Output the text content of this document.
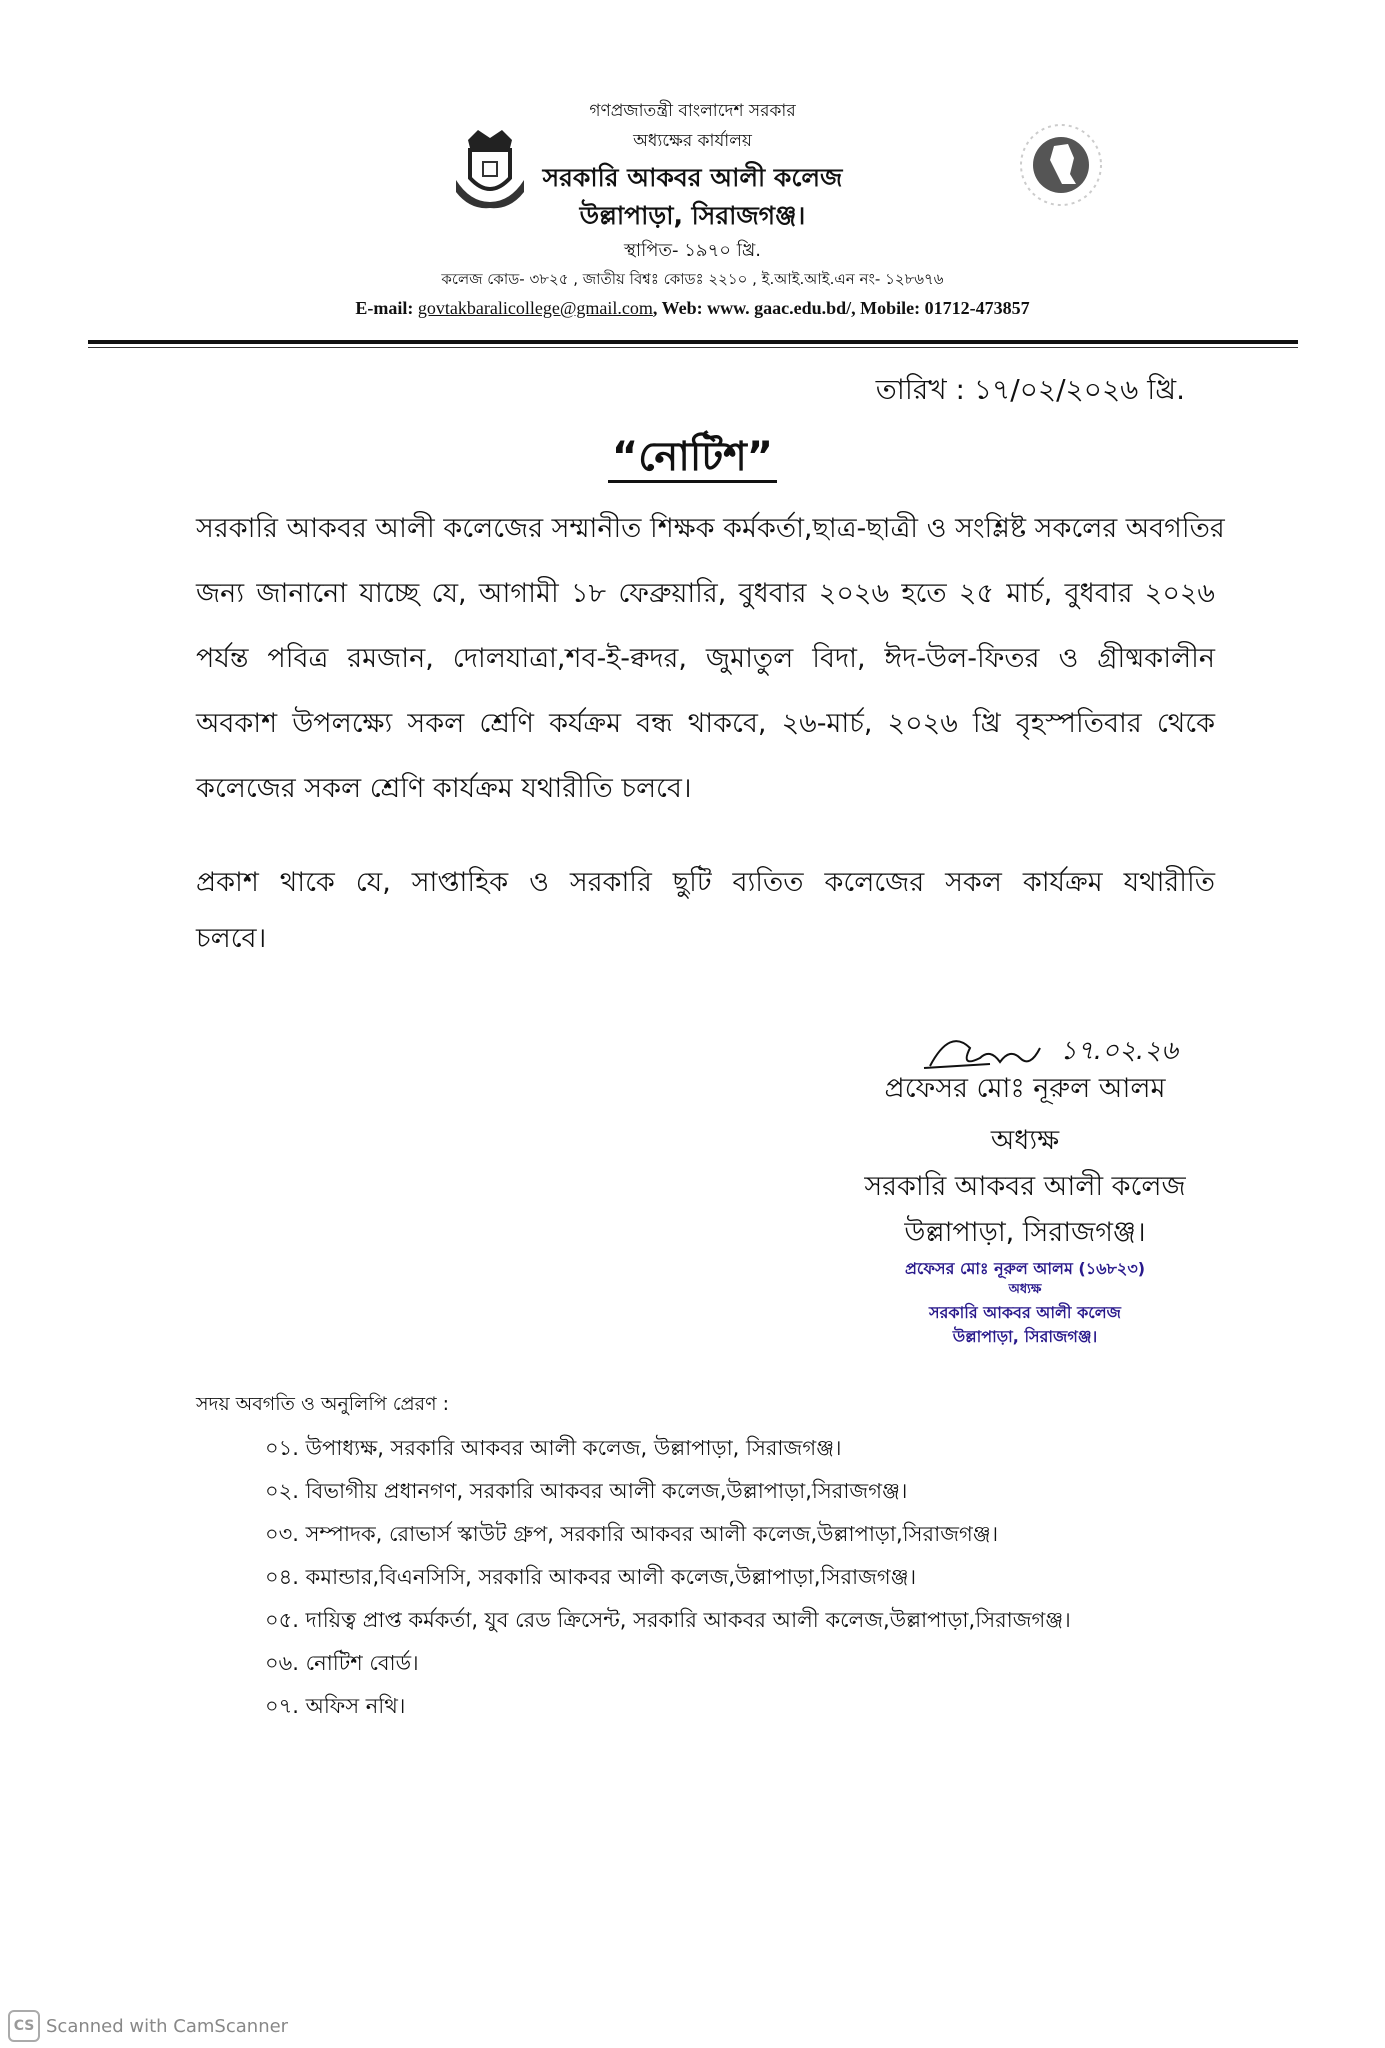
গণপ্রজাতন্ত্রী বাংলাদেশ সরকার
অধ্যক্ষের কার্যালয়
সরকারি আকবর আলী কলেজ
উল্লাপাড়া, সিরাজগঞ্জ।
স্থাপিত- ১৯৭০ খ্রি.
কলেজ কোড- ৩৮২৫ , জাতীয় বিশ্বঃ কোডঃ ২২১০ , ই.আই.আই.এন নং- ১২৮৬৭৬
E-mail: govtakbaralicollege@gmail.com, Web: www. gaac.edu.bd/, Mobile: 01712-473857
তারিখ : ১৭/০২/২০২৬ খ্রি.
“নোটিশ”
সরকারি আকবর আলী কলেজের সম্মানীত শিক্ষক কর্মকর্তা,ছাত্র-ছাত্রী ও সংশ্লিষ্ট সকলের অবগতির
জন্য জানানো যাচ্ছে যে, আগামী ১৮ ফেব্রুয়ারি, বুধবার ২০২৬ হতে ২৫ মার্চ, বুধবার ২০২৬
পর্যন্ত পবিত্র রমজান, দোলযাত্রা,শব-ই-ক্বদর, জুমাতুল বিদা, ঈদ-উল-ফিতর ও গ্রীষ্মকালীন
অবকাশ উপলক্ষ্যে সকল শ্রেণি কর্যক্রম বন্ধ থাকবে, ২৬-মার্চ, ২০২৬ খ্রি বৃহস্পতিবার থেকে
কলেজের সকল শ্রেণি কার্যক্রম যথারীতি চলবে।
প্রকাশ থাকে যে, সাপ্তাহিক ও সরকারি ছুটি ব্যতিত কলেজের সকল কার্যক্রম যথারীতি
চলবে।
১৭.০২.২৬
প্রফেসর মোঃ নূরুল আলম
অধ্যক্ষ
সরকারি আকবর আলী কলেজ
উল্লাপাড়া, সিরাজগঞ্জ।
প্রফেসর মোঃ নূরুল আলম (১৬৮২৩)
অধ্যক্ষ
সরকারি আকবর আলী কলেজ
উল্লাপাড়া, সিরাজগঞ্জ।
সদয় অবগতি ও অনুলিপি প্রেরণ :
০১. উপাধ্যক্ষ, সরকারি আকবর আলী কলেজ, উল্লাপাড়া, সিরাজগঞ্জ।
০২. বিভাগীয় প্রধানগণ, সরকারি আকবর আলী কলেজ,উল্লাপাড়া,সিরাজগঞ্জ।
০৩. সম্পাদক, রোভার্স স্কাউট গ্রুপ, সরকারি আকবর আলী কলেজ,উল্লাপাড়া,সিরাজগঞ্জ।
০৪. কমান্ডার,বিএনসিসি, সরকারি আকবর আলী কলেজ,উল্লাপাড়া,সিরাজগঞ্জ।
০৫. দায়িত্ব প্রাপ্ত কর্মকর্তা, যুব রেড ক্রিসেন্ট, সরকারি আকবর আলী কলেজ,উল্লাপাড়া,সিরাজগঞ্জ।
০৬. নোটিশ বোর্ড।
০৭. অফিস নথি।
CS Scanned with CamScanner
